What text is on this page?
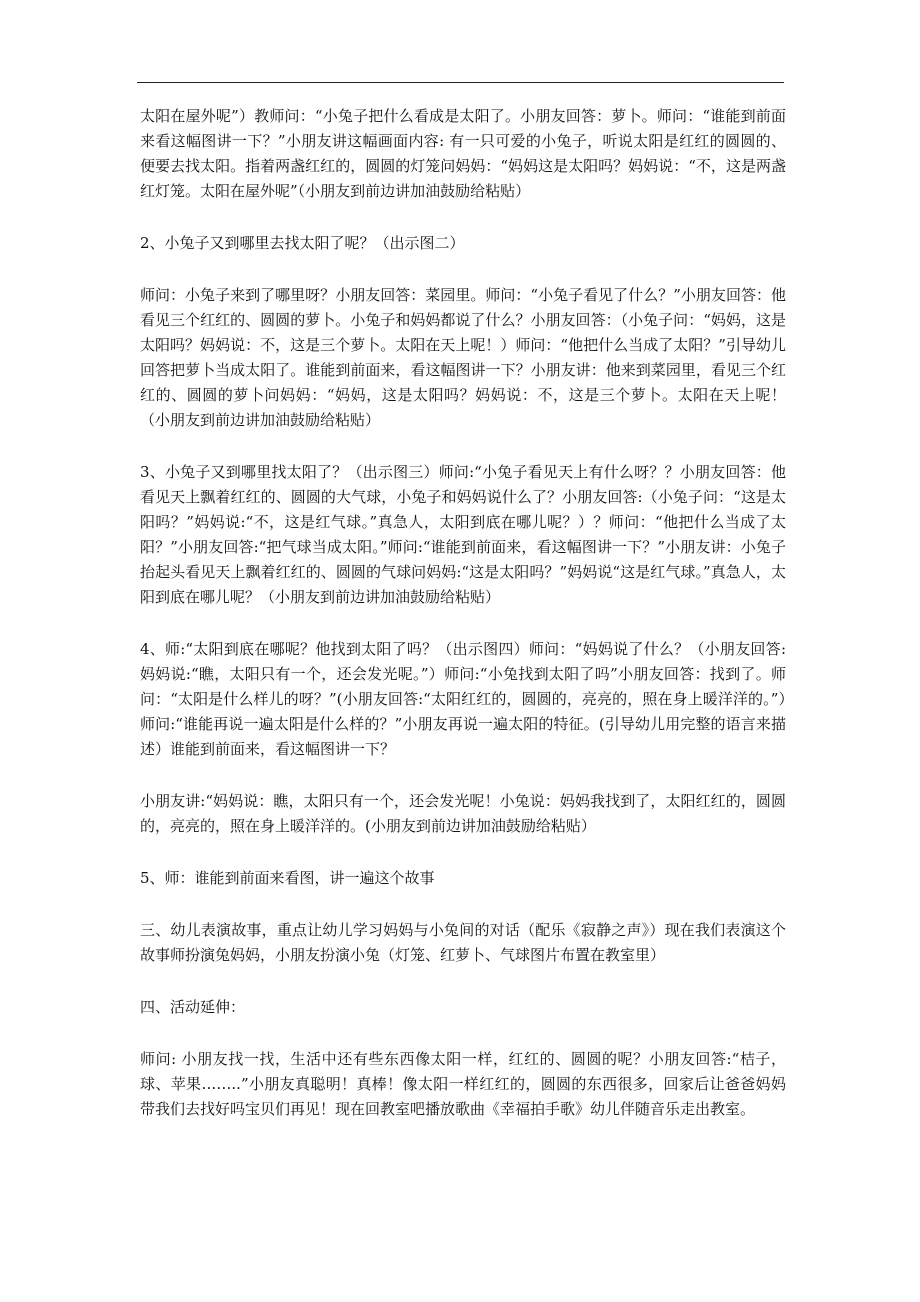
太阳在屋外呢”）教师问：“小兔子把什么看成是太阳了。小朋友回答：萝卜。师问：“谁能到前面来看这幅图讲一下？”小朋友讲这幅画面内容: 有一只可爱的小兔子，听说太阳是红红的圆圆的、便要去找太阳。指着两盏红红的，圆圆的灯笼问妈妈：“妈妈这是太阳吗？妈妈说：“不，这是两盏红灯笼。太阳在屋外呢”（小朋友到前边讲加油鼓励给粘贴）

2、小兔子又到哪里去找太阳了呢？（出示图二）

师问：小兔子来到了哪里呀？小朋友回答：菜园里。师问：“小兔子看见了什么？”小朋友回答：他看见三个红红的、圆圆的萝卜。小兔子和妈妈都说了什么？小朋友回答：（小兔子问：“妈妈，这是太阳吗？妈妈说：不，这是三个萝卜。太阳在天上呢！）师问：“他把什么当成了太阳？”引导幼儿回答把萝卜当成太阳了。谁能到前面来，看这幅图讲一下？小朋友讲：他来到菜园里，看见三个红红的、圆圆的萝卜问妈妈：“妈妈，这是太阳吗？妈妈说：不，这是三个萝卜。太阳在天上呢！（小朋友到前边讲加油鼓励给粘贴）

3、小兔子又到哪里找太阳了？（出示图三）师问:“小兔子看见天上有什么呀？？小朋友回答：他看见天上飘着红红的、圆圆的大气球，小兔子和妈妈说什么了？小朋友回答:（小兔子问：“这是太阳吗？”妈妈说:“不，这是红气球。”真急人，太阳到底在哪儿呢？）？师问：“他把什么当成了太阳？”小朋友回答:“把气球当成太阳。”师问:“谁能到前面来，看这幅图讲一下？”小朋友讲：小兔子抬起头看见天上飘着红红的、圆圆的气球问妈妈:“这是太阳吗？”妈妈说“这是红气球。”真急人，太阳到底在哪儿呢？（小朋友到前边讲加油鼓励给粘贴）

4、师:“太阳到底在哪呢？他找到太阳了吗？（出示图四）师问：“妈妈说了什么？（小朋友回答:妈妈说:“瞧，太阳只有一个，还会发光呢。”）师问:“小兔找到太阳了吗”小朋友回答：找到了。师问：“太阳是什么样儿的呀？”(小朋友回答:“太阳红红的，圆圆的，亮亮的，照在身上暖洋洋的。”）师问:“谁能再说一遍太阳是什么样的？”小朋友再说一遍太阳的特征。(引导幼儿用完整的语言来描述）谁能到前面来，看这幅图讲一下？

小朋友讲:“妈妈说：瞧，太阳只有一个，还会发光呢！小兔说：妈妈我找到了，太阳红红的，圆圆的，亮亮的，照在身上暖洋洋的。(小朋友到前边讲加油鼓励给粘贴）

5、师：谁能到前面来看图，讲一遍这个故事

三、幼儿表演故事，重点让幼儿学习妈妈与小兔间的对话（配乐《寂静之声》）现在我们表演这个故事师扮演兔妈妈，小朋友扮演小兔（灯笼、红萝卜、气球图片布置在教室里）

四、活动延伸：

师问: 小朋友找一找，生活中还有些东西像太阳一样，红红的、圆圆的呢？小朋友回答:“桔子，球、苹果……..”小朋友真聪明！真棒！像太阳一样红红的，圆圆的东西很多，回家后让爸爸妈妈带我们去找好吗宝贝们再见！现在回教室吧播放歌曲《幸福拍手歌》幼儿伴随音乐走出教室。
